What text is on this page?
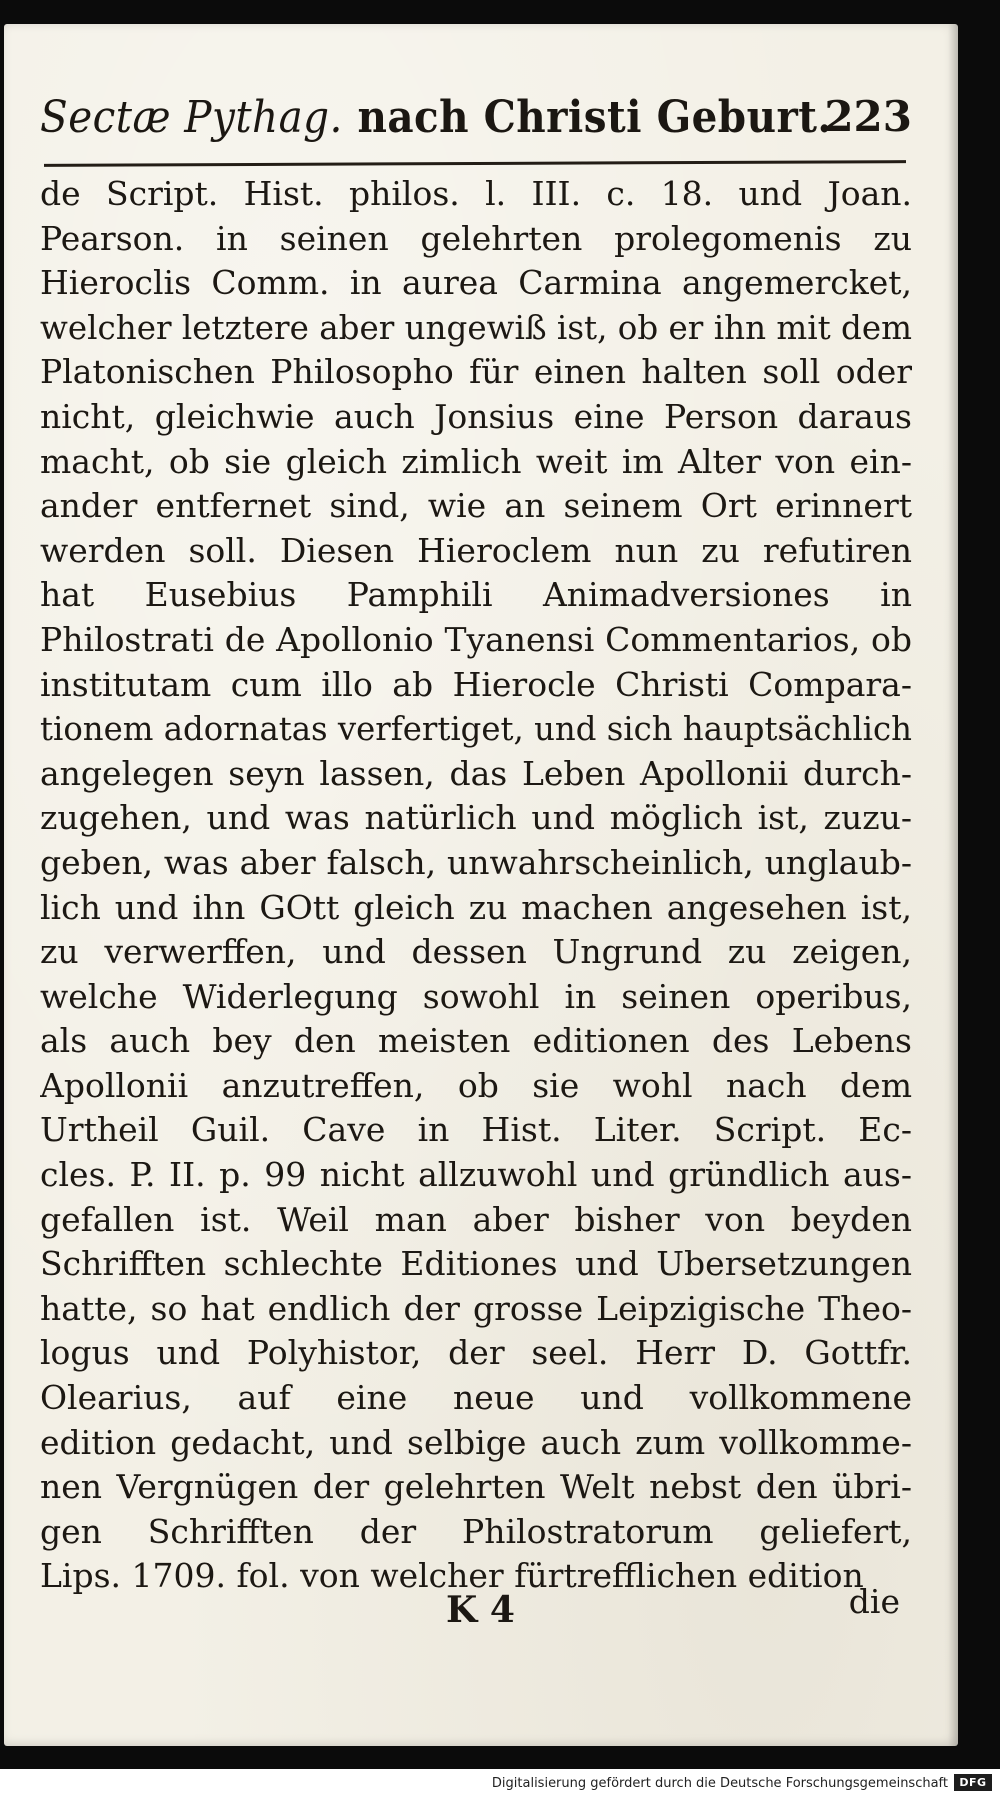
Sectæ Pythag. nach Christi Geburt.
223
de Script. Hist. philos. l. III. c. 18. und Joan.
Pearson. in seinen gelehrten prolegomenis zu
Hieroclis Comm. in aurea Carmina angemercket,
welcher letztere aber ungewiß ist, ob er ihn mit dem
Platonischen Philosopho für einen halten soll oder
nicht, gleichwie auch Jonsius eine Person daraus
macht, ob sie gleich zimlich weit im Alter von ein-
ander entfernet sind, wie an seinem Ort erinnert
werden soll. Diesen Hieroclem nun zu refutiren
hat Eusebius Pamphili Animadversiones in
Philostrati de Apollonio Tyanensi Commentarios, ob
institutam cum illo ab Hierocle Christi Compara-
tionem adornatas verfertiget, und sich hauptsächlich
angelegen seyn lassen, das Leben Apollonii durch-
zugehen, und was natürlich und möglich ist, zuzu-
geben, was aber falsch, unwahrscheinlich, unglaub-
lich und ihn GOtt gleich zu machen angesehen ist,
zu verwerffen, und dessen Ungrund zu zeigen,
welche Widerlegung sowohl in seinen operibus,
als auch bey den meisten editionen des Lebens
Apollonii anzutreffen, ob sie wohl nach dem
Urtheil Guil. Cave in Hist. Liter. Script. Ec-
cles. P. II. p. 99 nicht allzuwohl und gründlich aus-
gefallen ist. Weil man aber bisher von beyden
Schrifften schlechte Editiones und Ubersetzungen
hatte, so hat endlich der grosse Leipzigische Theo-
logus und Polyhistor, der seel. Herr D. Gottfr.
Olearius, auf eine neue und vollkommene
edition gedacht, und selbige auch zum vollkomme-
nen Vergnügen der gelehrten Welt nebst den übri-
gen Schrifften der Philostratorum geliefert,
Lips. 1709. fol. von welcher fürtrefflichen edition
K 4	die
Digitalisierung gefördert durch die Deutsche Forschungsgemeinschaft	DFG
